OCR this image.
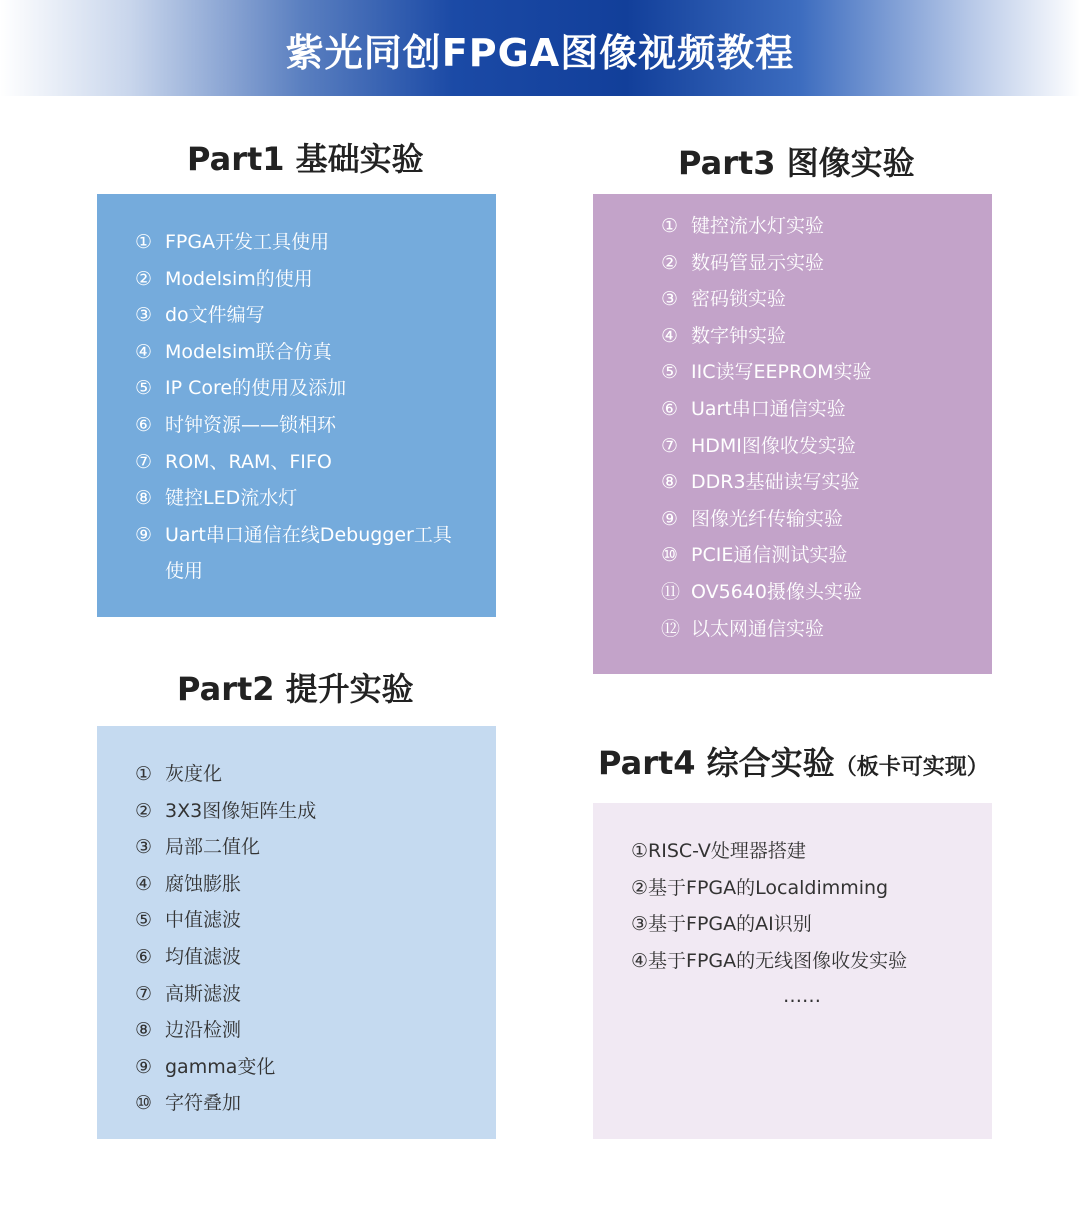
紫光同创FPGA图像视频教程
Part1 基础实验
① FPGA开发工具使用
② Modelsim的使用
③ do文件编写
④ Modelsim联合仿真
⑤ IP Core的使用及添加
⑥ 时钟资源——锁相环
⑦ ROM、RAM、FIFO
⑧ 键控LED流水灯
⑨ Uart串口通信在线Debugger工具使用
Part2 提升实验
① 灰度化
② 3X3图像矩阵生成
③ 局部二值化
④ 腐蚀膨胀
⑤ 中值滤波
⑥ 均值滤波
⑦ 高斯滤波
⑧ 边沿检测
⑨ gamma变化
⑩ 字符叠加
Part3 图像实验
① 键控流水灯实验
② 数码管显示实验
③ 密码锁实验
④ 数字钟实验
⑤ IIC读写EEPROM实验
⑥ Uart串口通信实验
⑦ HDMI图像收发实验
⑧ DDR3基础读写实验
⑨ 图像光纤传输实验
⑩ PCIE通信测试实验
⑪ OV5640摄像头实验
⑫ 以太网通信实验
Part4 综合实验（板卡可实现）
①RISC-V处理器搭建
②基于FPGA的Localdimming
③基于FPGA的AI识别
④基于FPGA的无线图像收发实验
……
